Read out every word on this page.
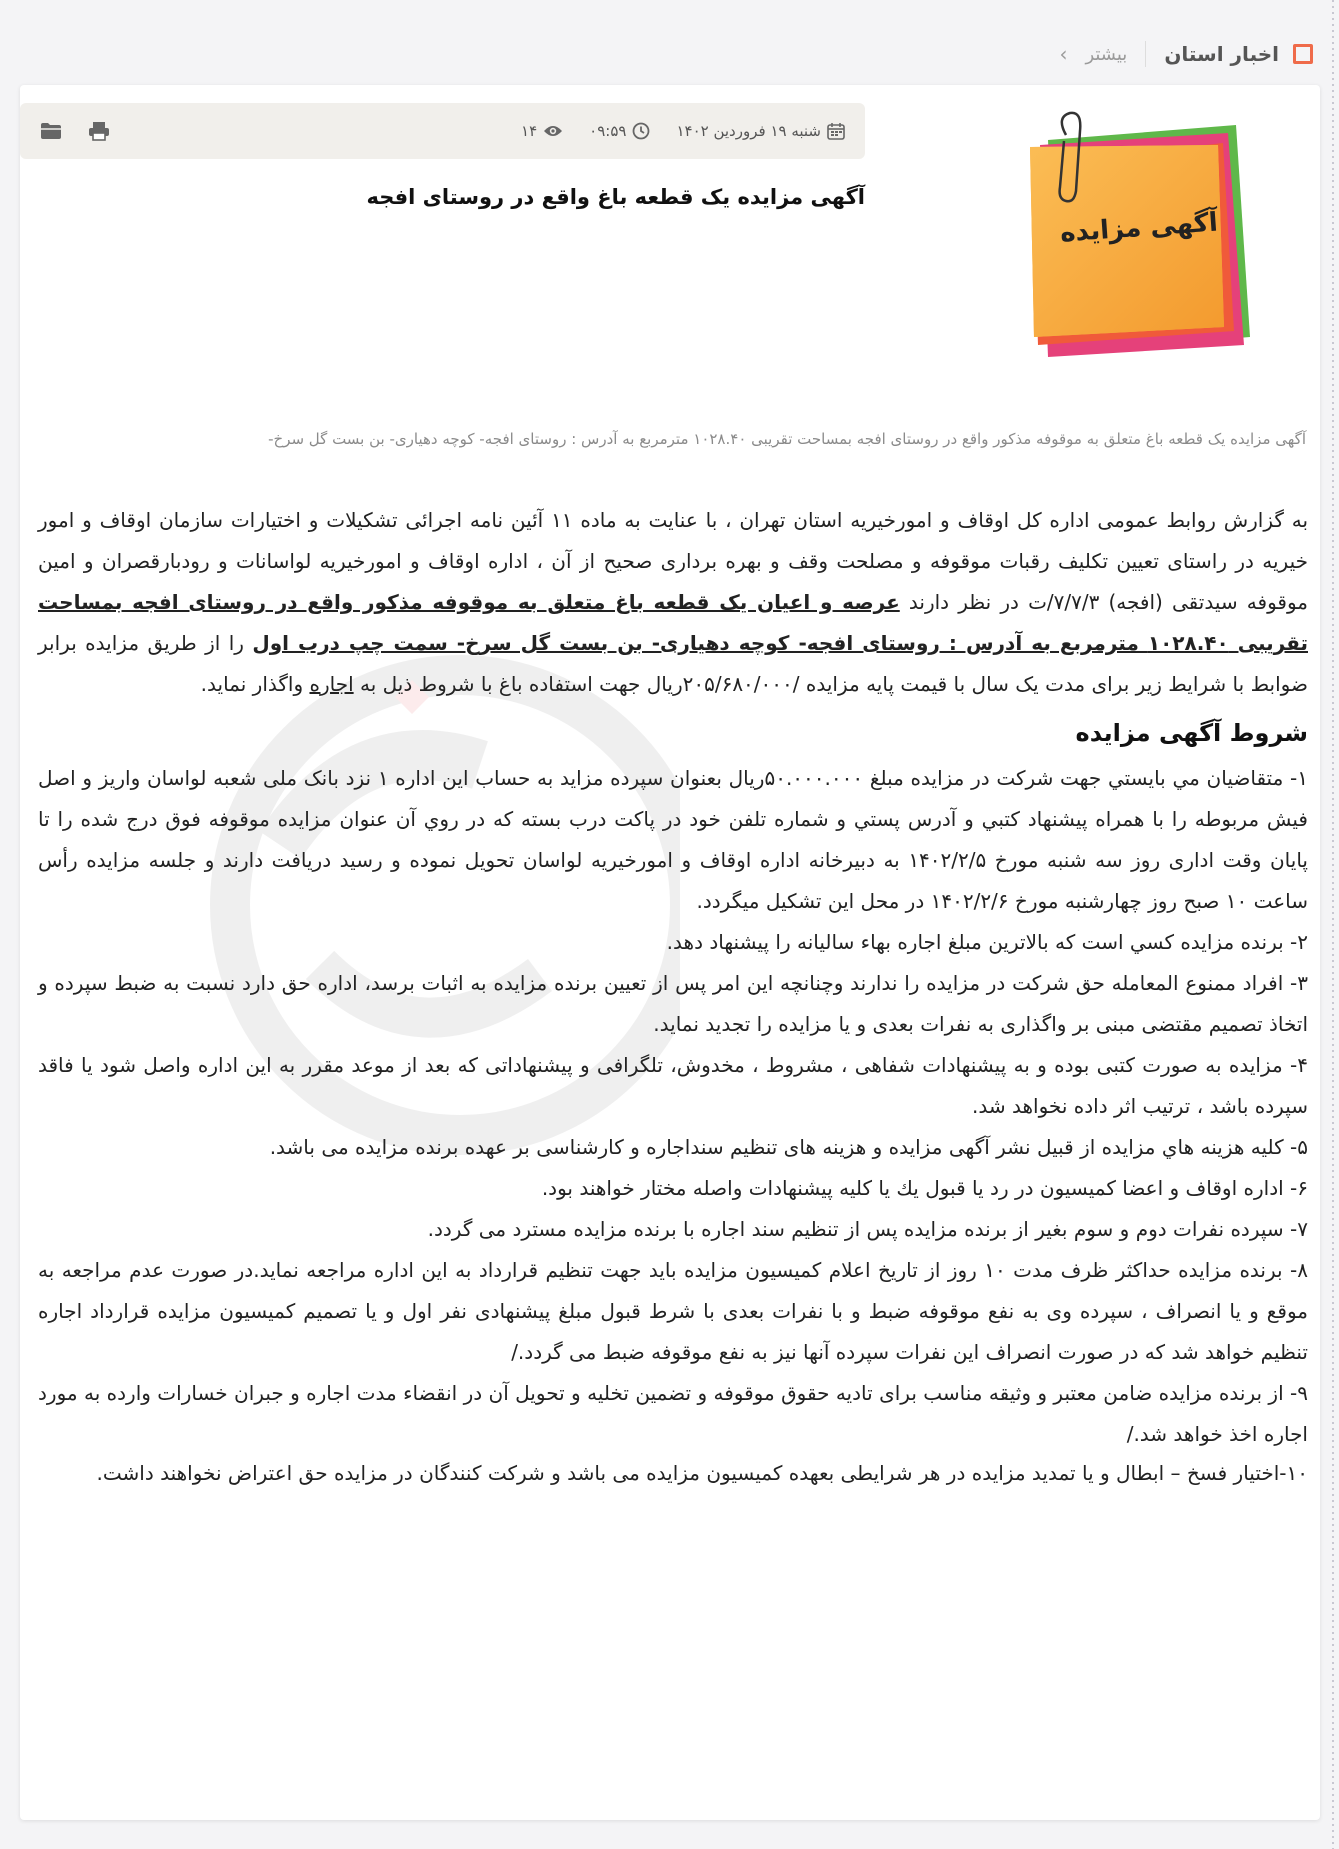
اخبار استان
بیشتر
›
آگهی مزایده
شنبه ۱۹ فروردین ۱۴۰۲
۰۹:۵۹
۱۴
آگهی مزایده یک قطعه باغ واقع در روستای افجه
آگهی مزایده یک قطعه باغ متعلق به موقوفه مذکور واقع در روستای افجه بمساحت تقریبی ۱۰۲۸.۴۰ مترمربع به آدرس : روستای افجه- کوچه دهیاری- بن بست گل سرخ-

به گزارش روابط عمومی اداره کل اوقاف و امورخیریه استان تهران ، با عنایت به ماده ۱۱ آئین نامه اجرائی تشکیلات و اختیارات سازمان اوقاف و امور خیریه در راستای تعیین تکلیف رقبات موقوفه و مصلحت وقف و بهره برداری صحیح از آن ، اداره اوقاف و امورخیریه لواسانات و رودبارقصران و امین موقوفه سیدتقی (افجه) ۷/۷/۳/ت در نظر دارند عرصه و اعیان یک قطعه باغ متعلق به موقوفه مذکور واقع در روستای افجه بمساحت تقریبی ۱۰۲۸.۴۰ مترمربع به آدرس : روستای افجه- کوچه دهیاری- بن بست گل سرخ- سمت چپ درب اول را از طریق مزایده برابر ضوابط با شرایط زیر برای مدت یک سال با قیمت پایه مزایده /۲۰۵/۶۸۰/۰۰۰ریال جهت استفاده باغ با شروط ذیل به اجاره واگذار نماید.

شروط آگهی مزایده

۱- متقاضیان مي بايستي جهت شركت در مزايده مبلغ ۵۰.۰۰۰.۰۰۰ريال بعنوان سپرده مزايد به حساب اين اداره ۱ نزد بانک ملی شعبه لواسان واريز و اصل فيش مربوطه را با همراه پيشنهاد كتبي و آدرس پستي و شماره تلفن خود در پاكت درب بسته كه در روي آن عنوان مزایده موقوفه فوق درج شده را تا پایان وقت اداری روز سه شنبه مورخ ۱۴۰۲/۲/۵ به دبیرخانه اداره اوقاف و امورخیریه لواسان تحویل نموده و رسید دریافت دارند و جلسه مزایده رأس ساعت ۱۰ صبح روز چهارشنبه مورخ ۱۴۰۲/۲/۶ در محل این تشکیل میگردد.

۲- برنده مزايده كسي است كه بالاترين مبلغ اجاره بهاء ساليانه را پيشنهاد دهد.

۳- افراد ممنوع المعامله حق شرکت در مزایده را ندارند وچنانچه این امر پس از تعیین برنده مزایده به اثبات برسد، اداره حق دارد نسبت به ضبط سپرده و اتخاذ تصمیم مقتضی مبنی بر واگذاری به نفرات بعدی و یا مزایده را تجدید نماید.

۴- مزایده به صورت کتبی بوده و به پیشنهادات شفاهی ، مشروط ، مخدوش، تلگرافی و پیشنهاداتی که بعد از موعد مقرر به این اداره واصل شود یا فاقد سپرده باشد ، ترتیب اثر داده نخواهد شد.

۵- کلیه هزینه هاي مزایده از قبیل نشر آگهی مزایده و هزینه های تنظیم سنداجاره و کارشناسی بر عهده برنده مزایده می باشد.

۶- اداره اوقاف و اعضا كميسيون در رد يا قبول يك يا كليه پيشنهادات واصله مختار خواهند بود.

۷- سپرده نفرات دوم و سوم بغیر از برنده مزایده پس از تنظیم سند اجاره با برنده مزایده مسترد می گردد.

۸- برنده مزایده حداکثر ظرف مدت ۱۰ روز از تاریخ اعلام کمیسیون مزایده باید جهت تنظیم قرارداد به این اداره مراجعه نماید.در صورت عدم مراجعه به موقع و یا انصراف ، سپرده وی به نفع موقوفه ضبط و با نفرات بعدی با شرط قبول مبلغ پیشنهادی نفر اول و یا تصمیم کمیسیون مزایده قرارداد اجاره تنظیم خواهد شد که در صورت انصراف این نفرات سپرده آنها نیز به نفع موقوفه ضبط می گردد./

۹- از برنده مزایده ضامن معتبر و وثیقه مناسب برای تادیه حقوق موقوفه و تضمین تخلیه و تحویل آن در انقضاء مدت اجاره و جبران خسارات وارده به مورد اجاره اخذ خواهد شد./

۱۰-اختیار فسخ – ابطال و یا تمدید مزایده در هر شرایطی بعهده کمیسیون مزایده می باشد و شرکت کنندگان در مزایده حق اعتراض نخواهند داشت.
